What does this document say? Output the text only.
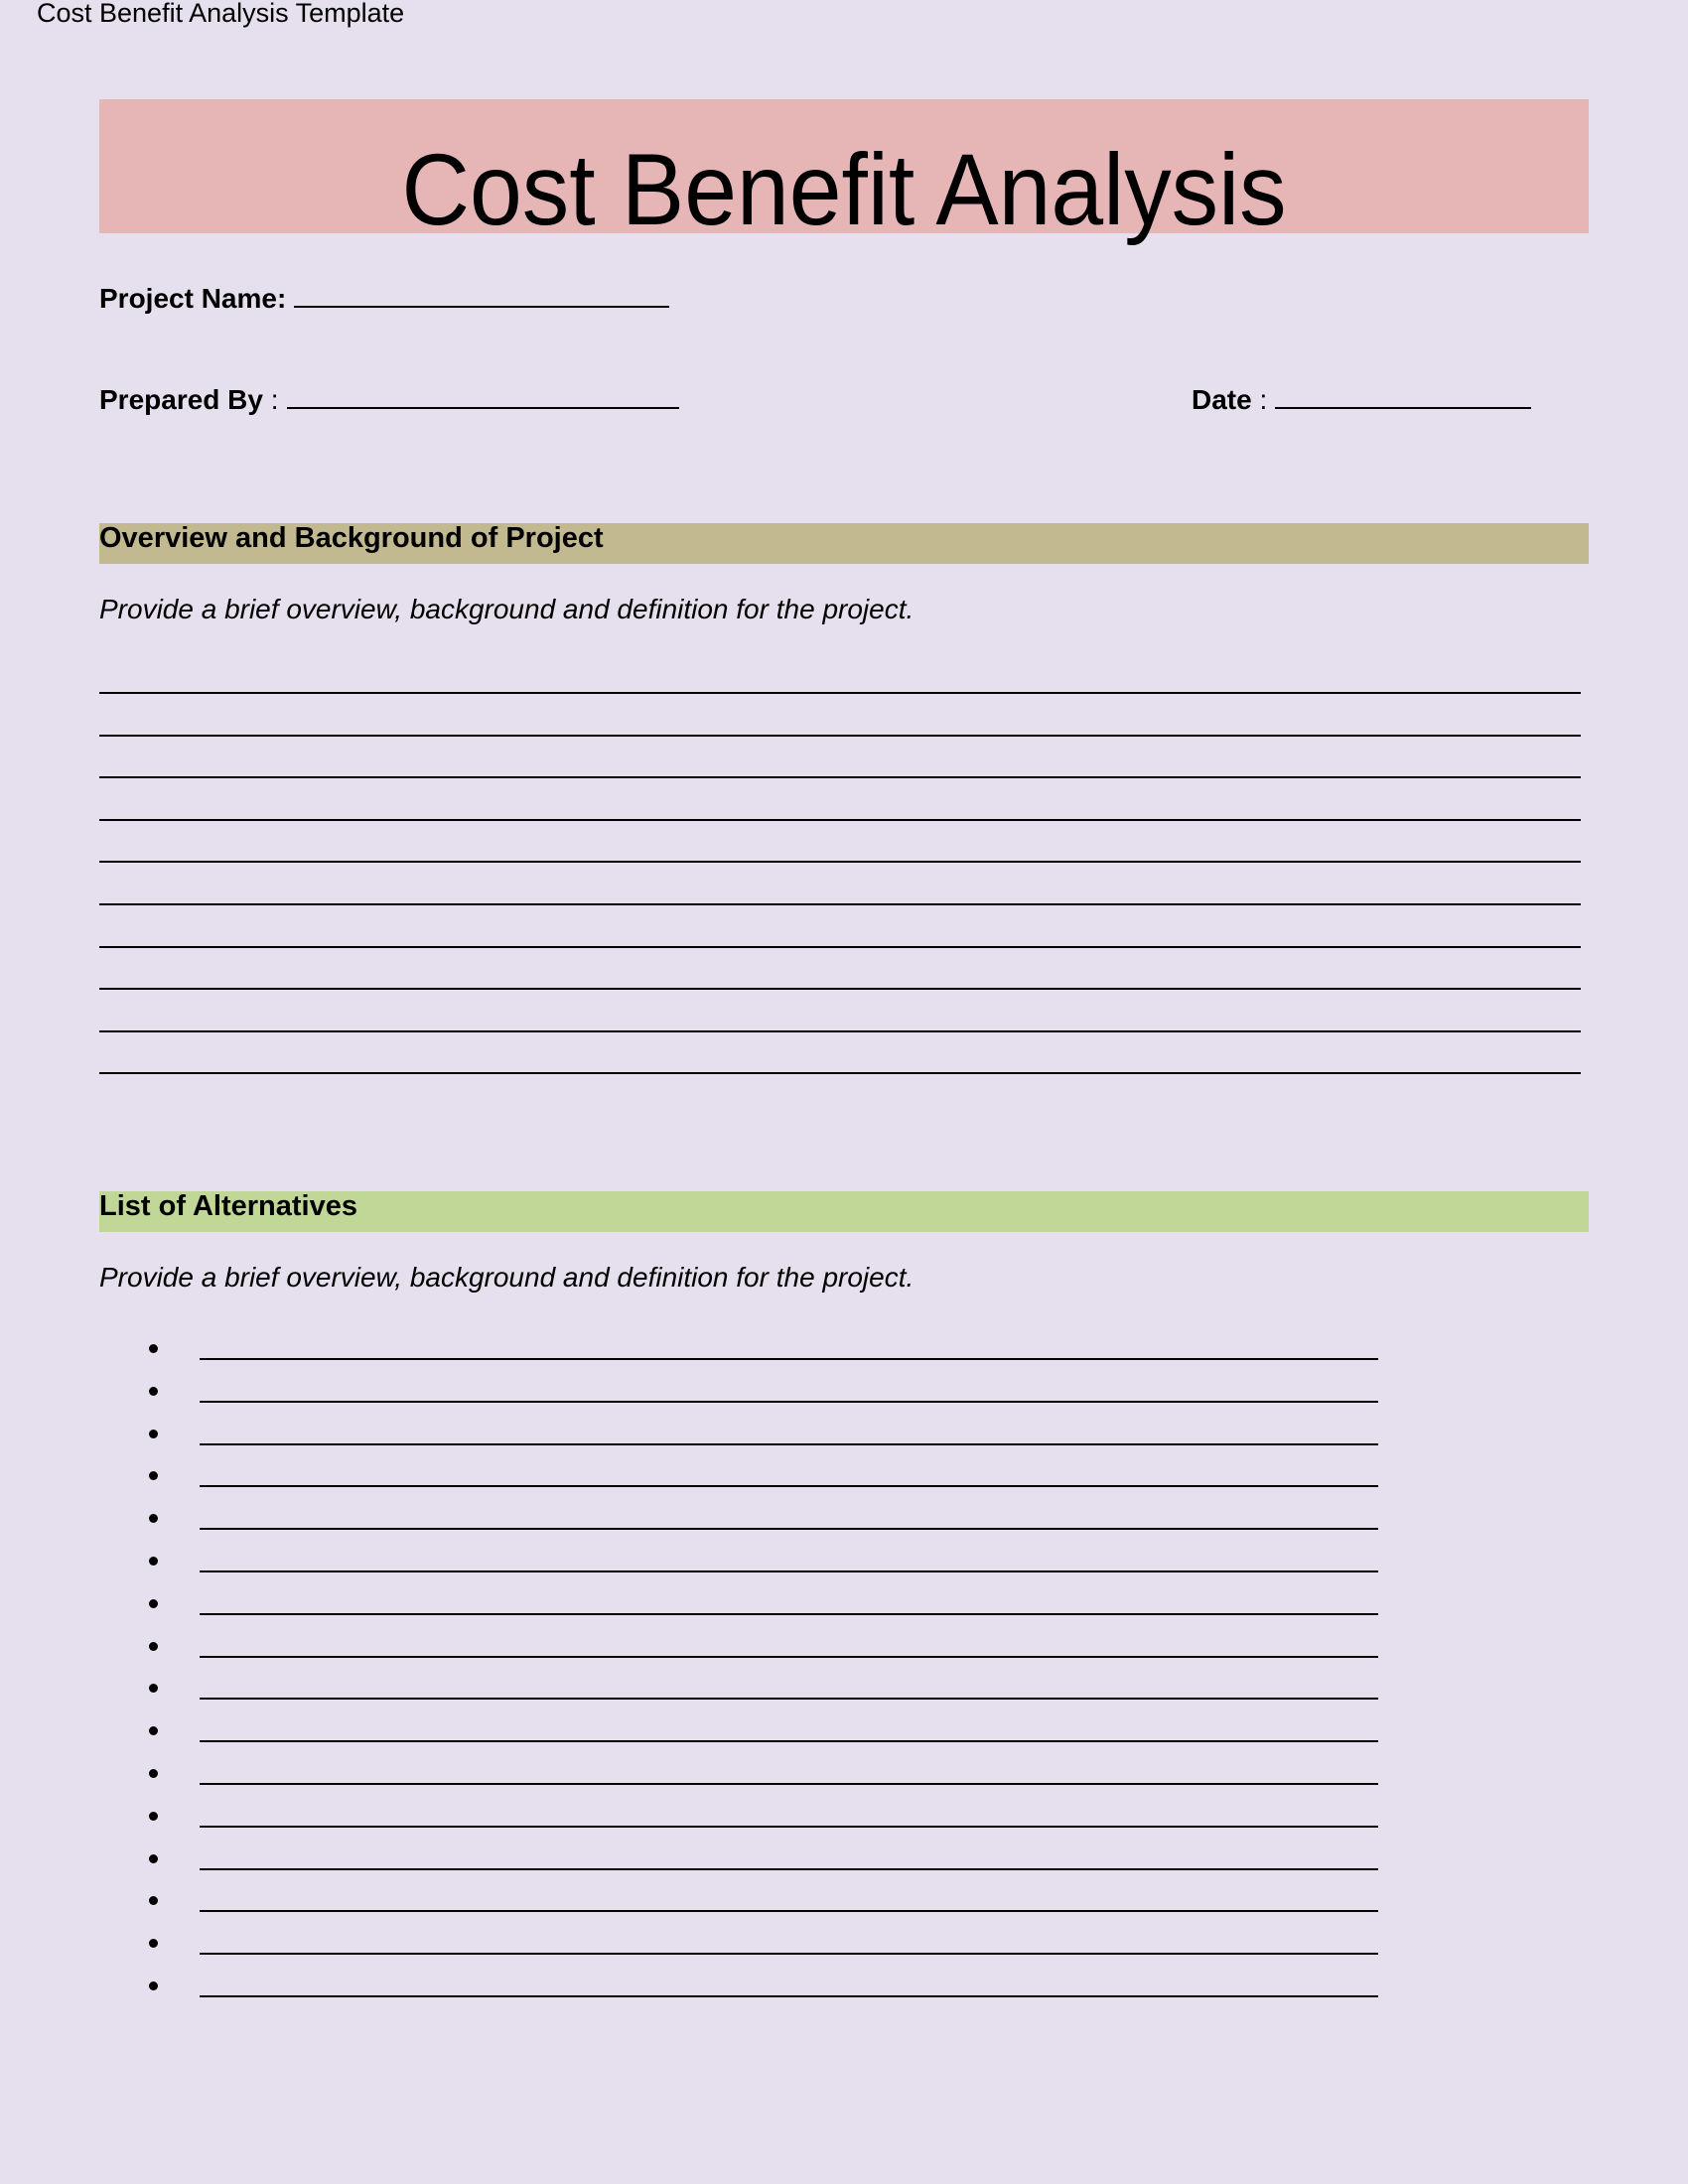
Cost Benefit Analysis Template
Cost Benefit Analysis
Project Name:
Prepared By :	Date :
Overview and Background of Project
Provide a brief overview, background and definition for the project.
List of Alternatives
Provide a brief overview, background and definition for the project.
